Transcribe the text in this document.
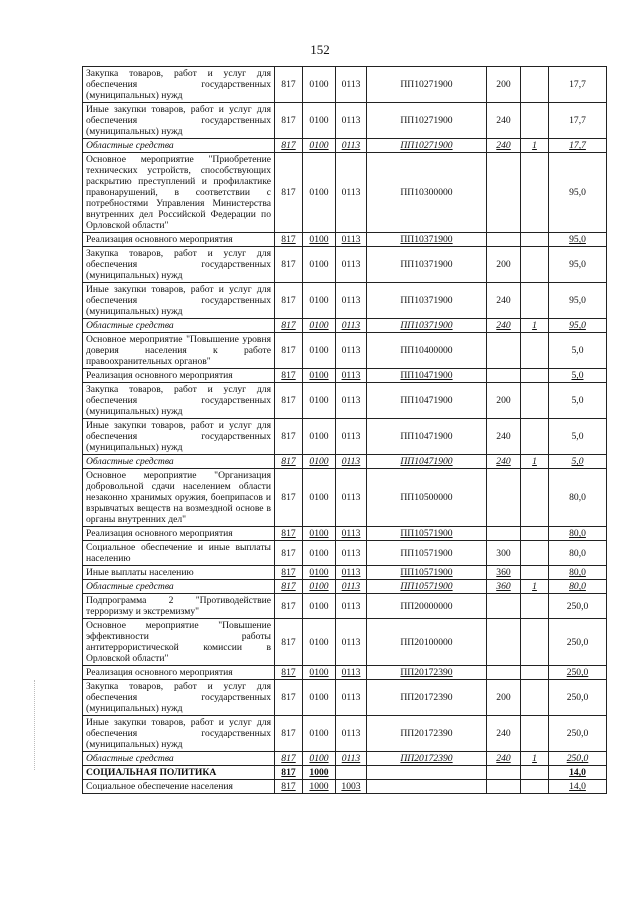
152
Закупка товаров, работ и услуг для обеспечения государственных (муниципальных) нужд	817	0100	0113	ПП10271900	200		17,7
Иные закупки товаров, работ и услуг для обеспечения государственных (муниципальных) нужд	817	0100	0113	ПП10271900	240		17,7
Областные средства	817	0100	0113	ПП10271900	240	1	17,7
Основное мероприятие "Приобретение технических устройств, способствующих раскрытию преступлений и профилактике правонарушений, в соответствии с потребностями Управления Министерства внутренних дел Российской Федерации по Орловской области"	817	0100	0113	ПП10300000			95,0
Реализация основного мероприятия	817	0100	0113	ПП10371900			95,0
Закупка товаров, работ и услуг для обеспечения государственных (муниципальных) нужд	817	0100	0113	ПП10371900	200		95,0
Иные закупки товаров, работ и услуг для обеспечения государственных (муниципальных) нужд	817	0100	0113	ПП10371900	240		95,0
Областные средства	817	0100	0113	ПП10371900	240	1	95,0
Основное мероприятие "Повышение уровня доверия населения к работе правоохранительных органов"	817	0100	0113	ПП10400000			5,0
Реализация основного мероприятия	817	0100	0113	ПП10471900			5,0
Закупка товаров, работ и услуг для обеспечения государственных (муниципальных) нужд	817	0100	0113	ПП10471900	200		5,0
Иные закупки товаров, работ и услуг для обеспечения государственных (муниципальных) нужд	817	0100	0113	ПП10471900	240		5,0
Областные средства	817	0100	0113	ПП10471900	240	1	5,0
Основное мероприятие "Организация добровольной сдачи населением области незаконно хранимых оружия, боеприпасов и взрывчатых веществ на возмездной основе в органы внутренних дел"	817	0100	0113	ПП10500000			80,0
Реализация основного мероприятия	817	0100	0113	ПП10571900			80,0
Социальное обеспечение и иные выплаты населению	817	0100	0113	ПП10571900	300		80,0
Иные выплаты населению	817	0100	0113	ПП10571900	360		80,0
Областные средства	817	0100	0113	ПП10571900	360	1	80,0
Подпрограмма 2 "Противодействие терроризму и экстремизму"	817	0100	0113	ПП20000000			250,0
Основное мероприятие "Повышение эффективности работы антитеррористической комиссии в Орловской области"	817	0100	0113	ПП20100000			250,0
Реализация основного мероприятия	817	0100	0113	ПП20172390			250,0
Закупка товаров, работ и услуг для обеспечения государственных (муниципальных) нужд	817	0100	0113	ПП20172390	200		250,0
Иные закупки товаров, работ и услуг для обеспечения государственных (муниципальных) нужд	817	0100	0113	ПП20172390	240		250,0
Областные средства	817	0100	0113	ПП20172390	240	1	250,0
СОЦИАЛЬНАЯ ПОЛИТИКА	817	1000					14,0
Социальное обеспечение населения	817	1000	1003				14,0
